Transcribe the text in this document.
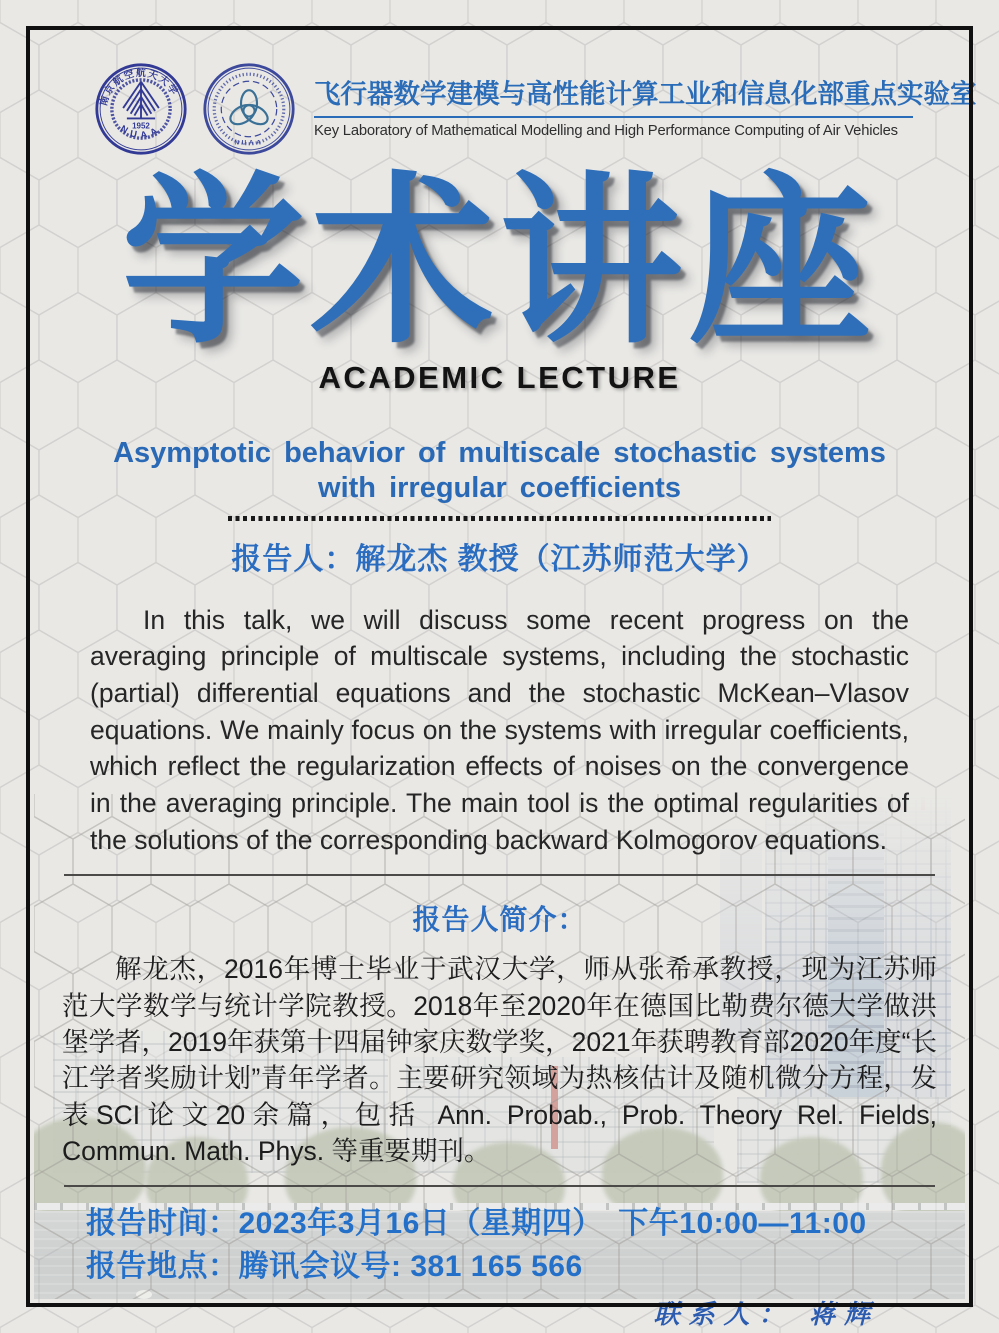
南京航空航天大学
1952
NUAA
NUAA
飞行器数学建模与高性能计算工业和信息化部重点实验室
Key Laboratory of Mathematical Modelling and High Performance Computing of Air Vehicles
学术讲座
ACADEMIC LECTURE
Asymptotic behavior of multiscale stochastic systems with irregular coefficients
报告人：解龙杰 教授（江苏师范大学）

In this talk, we will discuss some recent progress on the averaging principle of multiscale systems, including the stochastic (partial) differential equations and the stochastic McKean–Vlasov equations. We mainly focus on the systems with irregular coefficients, which reflect the regularization effects of noises on the convergence in the averaging principle. The main tool is the optimal regularities of the solutions of the corresponding backward Kolmogorov equations.

报告人简介：

解龙杰，2016年博士毕业于武汉大学，师从张希承教授，现为江苏师范大学数学与统计学院教授。2018年至2020年在德国比勒费尔德大学做洪堡学者，2019年获第十四届钟家庆数学奖，2021年获聘教育部2020年度“长江学者奖励计划”青年学者。主要研究领域为热核估计及随机微分方程，发表SCI论文20余篇，包括 Ann. Probab., Prob. Theory Rel. Fields, Commun. Math. Phys. 等重要期刊。

报告时间：2023年3月16日（星期四）　下午10:00—11:00
报告地点：腾讯会议号: 381 165 566
联系人： 蒋辉
